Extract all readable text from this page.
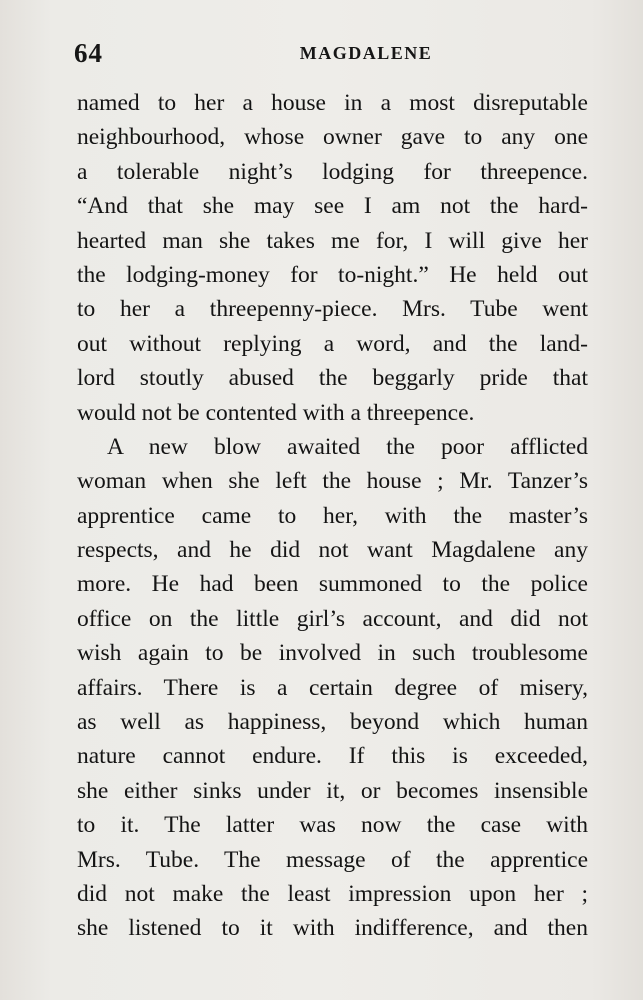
64	MAGDALENE
named to her a house in a most disreputable
neighbourhood, whose owner gave to any one
a tolerable night’s lodging for threepence.
“And that she may see I am not the hard-
hearted man she takes me for, I will give her
the lodging-money for to-night.” He held out
to her a threepenny-piece. Mrs. Tube went
out without replying a word, and the land-
lord stoutly abused the beggarly pride that
would not be contented with a threepence.
A new blow awaited the poor afflicted
woman when she left the house ; Mr. Tanzer’s
apprentice came to her, with the master’s
respects, and he did not want Magdalene any
more. He had been summoned to the police
office on the little girl’s account, and did not
wish again to be involved in such troublesome
affairs. There is a certain degree of misery,
as well as happiness, beyond which human
nature cannot endure. If this is exceeded,
she either sinks under it, or becomes insensible
to it. The latter was now the case with
Mrs. Tube. The message of the apprentice
did not make the least impression upon her ;
she listened to it with indifference, and then
